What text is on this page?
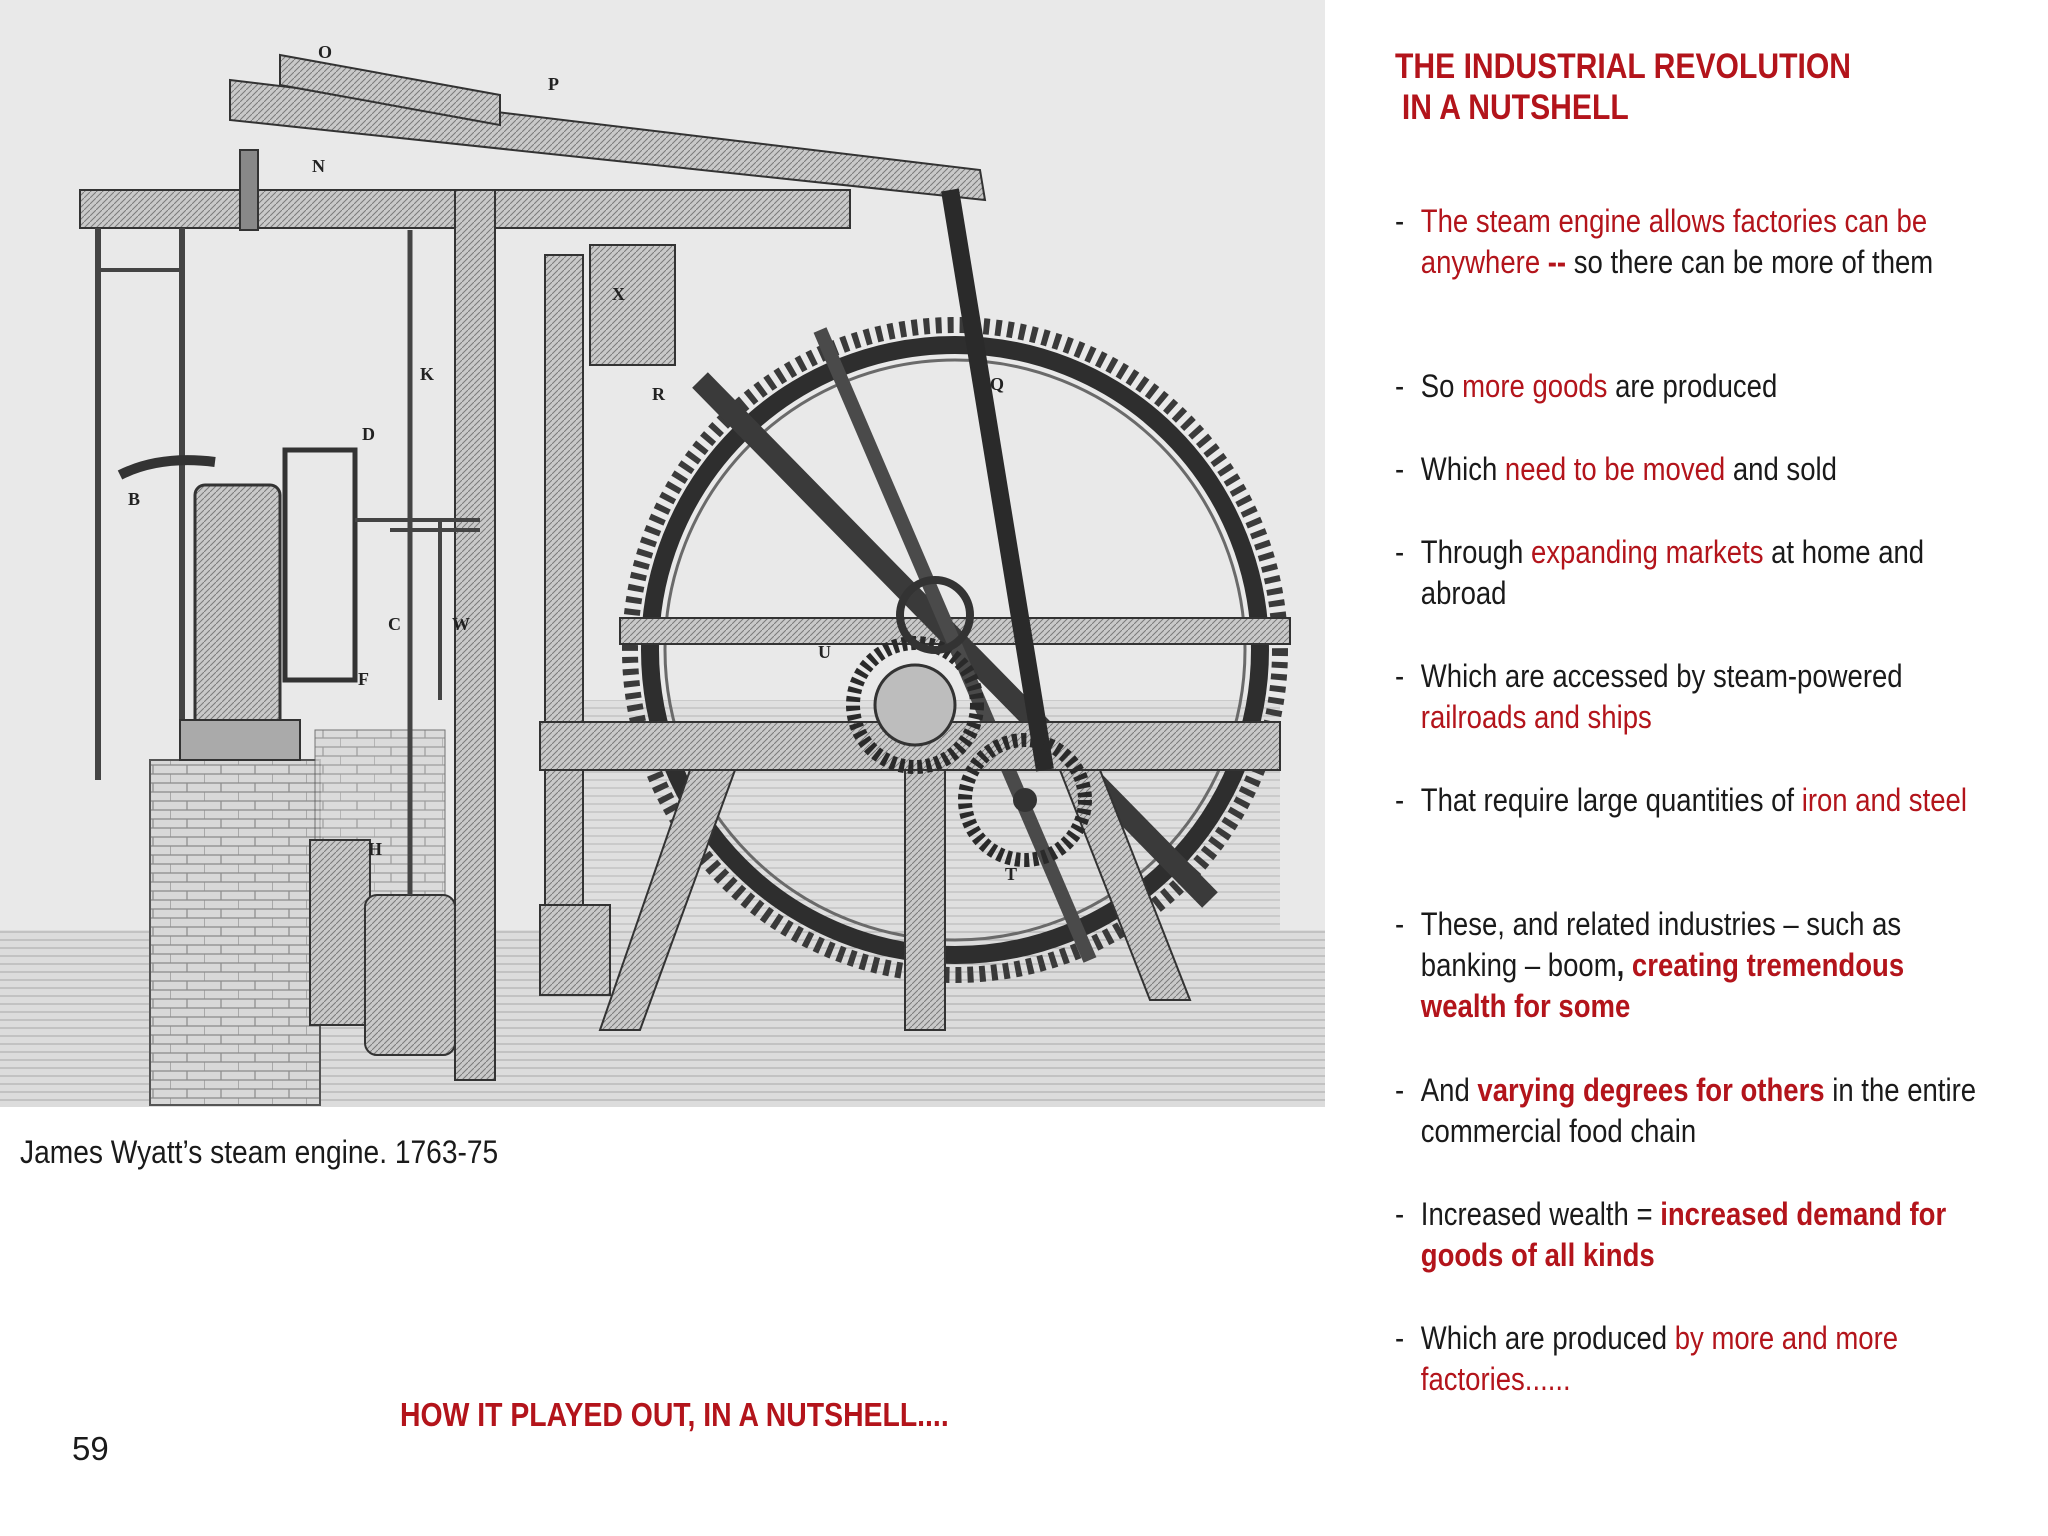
O
P
N
X
K
D
R	Q
B
C	W
U
T
H
F
James Wyatt’s steam engine. 1763-75
59
HOW IT PLAYED OUT, IN A NUTSHELL....
THE INDUSTRIAL REVOLUTION
IN A NUTSHELL
- The steam engine allows factories can be anywhere -- so there can be more of them
- So more goods are produced
- Which need to be moved and sold
- Through expanding markets at home and abroad
- Which are accessed by steam-powered railroads and ships
- That require large quantities of iron and steel
- These, and related industries – such as banking – boom, creating tremendous wealth for some
- And varying degrees for others in the entire commercial food chain
- Increased wealth = increased demand for goods of all kinds
- Which are produced by more and more factories......
